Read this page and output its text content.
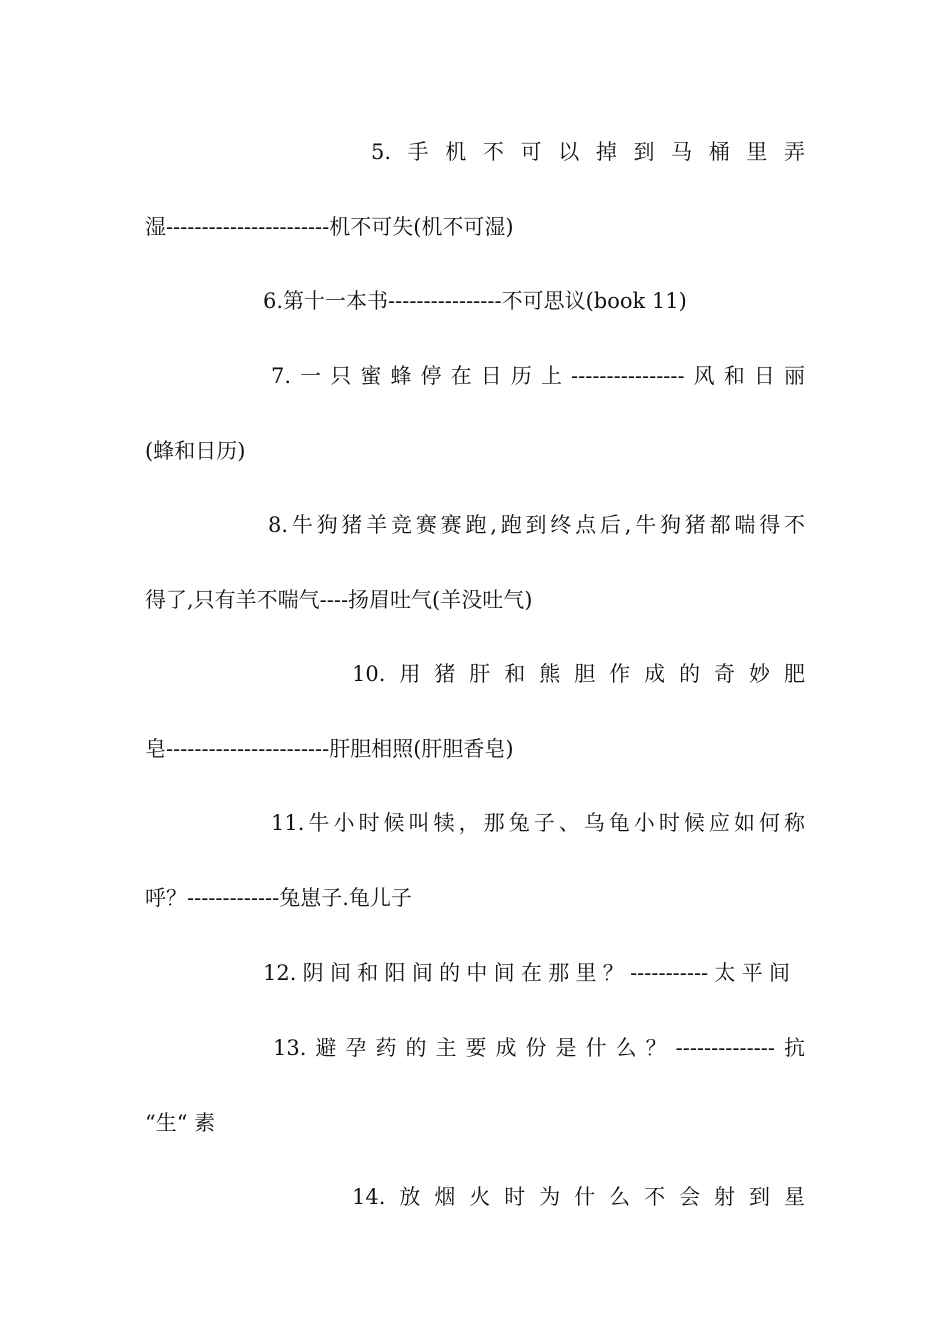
5.手机不可以掉到马桶里弄
湿-----------------------机不可失(机不可湿)
6.第十一本书----------------不可思议(book 11)
7.一只蜜蜂停在日历上----------------风和日丽
(蜂和日历)
8.牛狗猪羊竞赛赛跑,跑到终点后,牛狗猪都喘得不
得了,只有羊不喘气----扬眉吐气(羊没吐气)
10.用猪肝和熊胆作成的奇妙肥
皂-----------------------肝胆相照(肝胆香皂)
11.牛小时候叫犊，那兔子、乌龟小时候应如何称
呼？-------------兔崽子.龟儿子
12.阴间和阳间的中间在那里？-----------太平间
13.避孕药的主要成份是什么？--------------抗
“生“ 素
14.放烟火时为什么不会射到星
